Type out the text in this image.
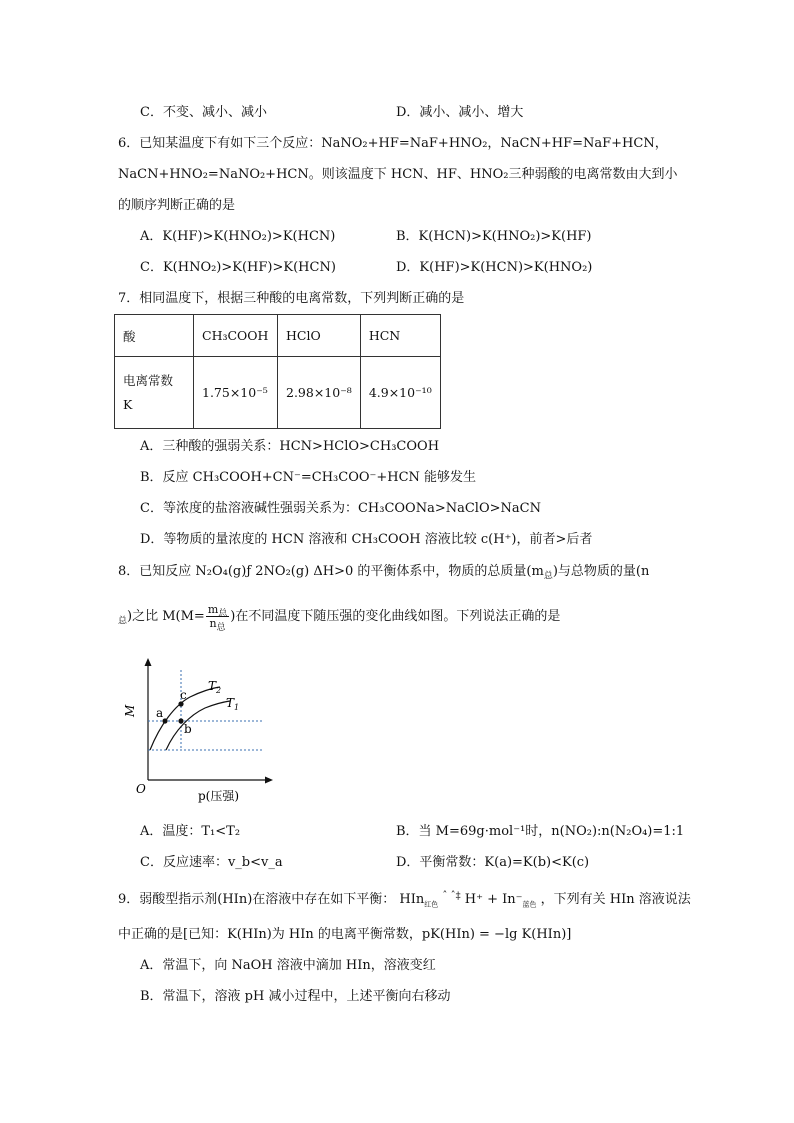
C．不变、减小、减小	D．减小、减小、增大
6．已知某温度下有如下三个反应：NaNO₂+HF=NaF+HNO₂，NaCN+HF=NaF+HCN，
NaCN+HNO₂=NaNO₂+HCN。则该温度下 HCN、HF、HNO₂三种弱酸的电离常数由大到小
的顺序判断正确的是
A．K(HF)>K(HNO₂)>K(HCN)	B．K(HCN)>K(HNO₂)>K(HF)
C．K(HNO₂)>K(HF)>K(HCN)	D．K(HF)>K(HCN)>K(HNO₂)
7．相同温度下，根据三种酸的电离常数，下列判断正确的是
酸	CH₃COOH	HClO	HCN
电离常数
K	1.75×10⁻⁵	2.98×10⁻⁸	4.9×10⁻¹⁰
A．三种酸的强弱关系：HCN>HClO>CH₃COOH
B．反应 CH₃COOH+CN⁻=CH₃COO⁻+HCN 能够发生
C．等浓度的盐溶液碱性强弱关系为：CH₃COONa>NaClO>NaCN
D．等物质的量浓度的 HCN 溶液和 CH₃COOH 溶液比较 c(H⁺)，前者>后者
8．已知反应 N₂O₄(g)ƒ 2NO₂(g) ΔH>0 的平衡体系中，物质的总质量$(m_总)$与总物质的量(n
$_总$)之比 $M(M= \frac{m_总}{n_总}$ )在不同温度下随压强的变化曲线如图。下列说法正确的是
M
O	p(压强)
a
b
c
$T_2$
$T_1$
A．温度：T₁<T₂	B．当 M=69g·mol⁻¹时，n(NO₂):n(N₂O₄)=1:1
C．反应速率：v_b<v_a	D．平衡常数：K(a)=K(b)<K(c)
9．弱酸型指示剂(HIn)在溶液中存在如下平衡： HIn$_{红色}$ $^{ˆ ˆ\ddagger}$ $H^+ + In^-_{蓝色}$ ，下列有关 HIn 溶液说法
中正确的是[已知：K(HIn)为 HIn 的电离平衡常数，pK(HIn) = −lg K(HIn)]
A．常温下，向 NaOH 溶液中滴加 HIn，溶液变红
B．常温下，溶液 pH 减小过程中，上述平衡向右移动
